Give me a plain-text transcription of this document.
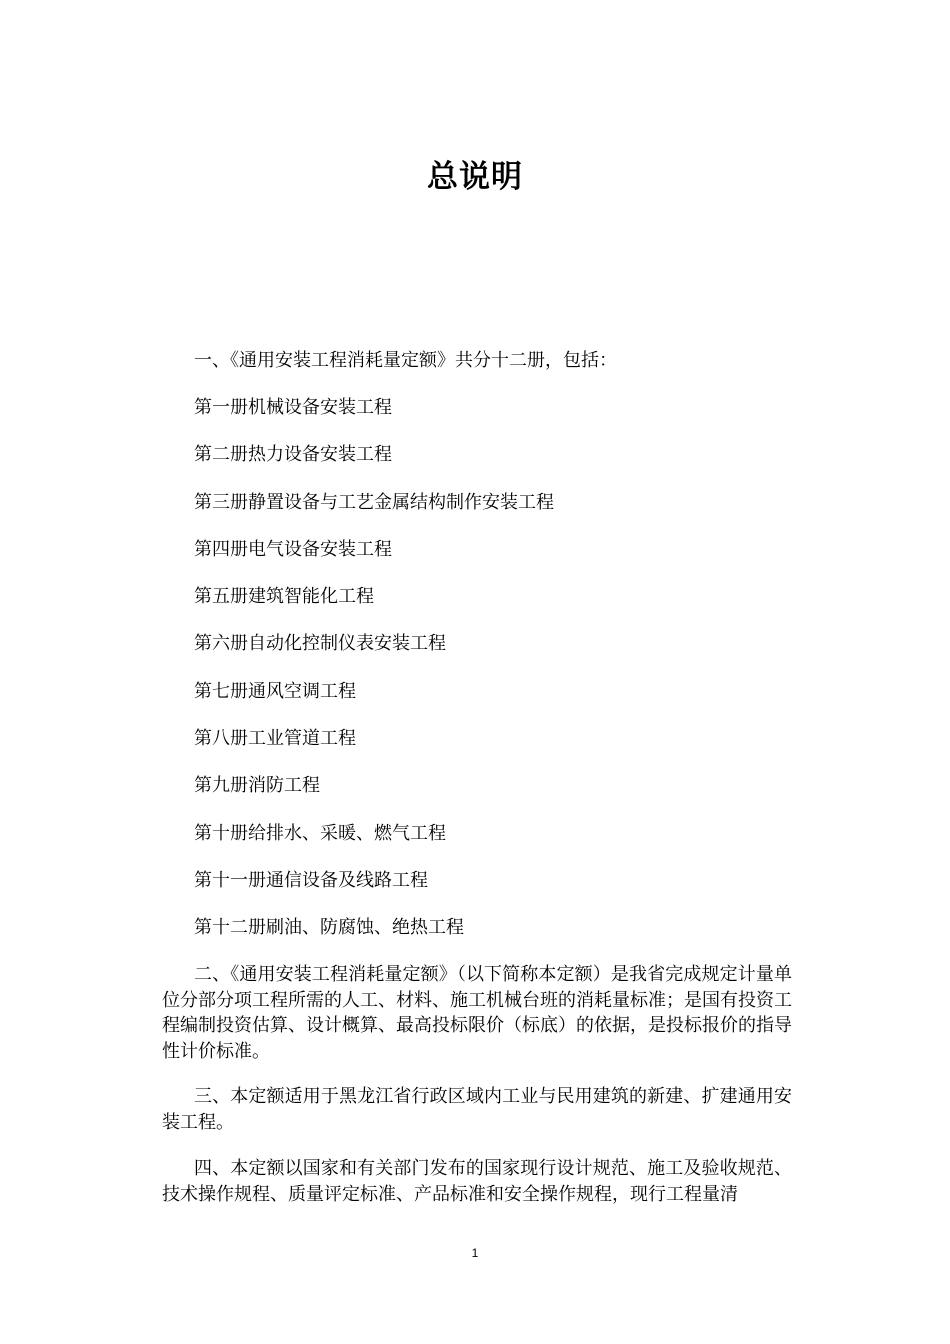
总说明
一、《通用安装工程消耗量定额》共分十二册，包括：
第一册机械设备安装工程
第二册热力设备安装工程
第三册静置设备与工艺金属结构制作安装工程
第四册电气设备安装工程
第五册建筑智能化工程
第六册自动化控制仪表安装工程
第七册通风空调工程
第八册工业管道工程
第九册消防工程
第十册给排水、采暖、燃气工程
第十一册通信设备及线路工程
第十二册刷油、防腐蚀、绝热工程

二、《通用安装工程消耗量定额》（以下简称本定额）是我省完成规定计量单位分部分项工程所需的人工、材料、施工机械台班的消耗量标准；是国有投资工程编制投资估算、设计概算、最高投标限价（标底）的依据，是投标报价的指导性计价标准。

三、本定额适用于黑龙江省行政区域内工业与民用建筑的新建、扩建通用安装工程。

四、本定额以国家和有关部门发布的国家现行设计规范、施工及验收规范、技术操作规程、质量评定标准、产品标准和安全操作规程，现行工程量清

1
